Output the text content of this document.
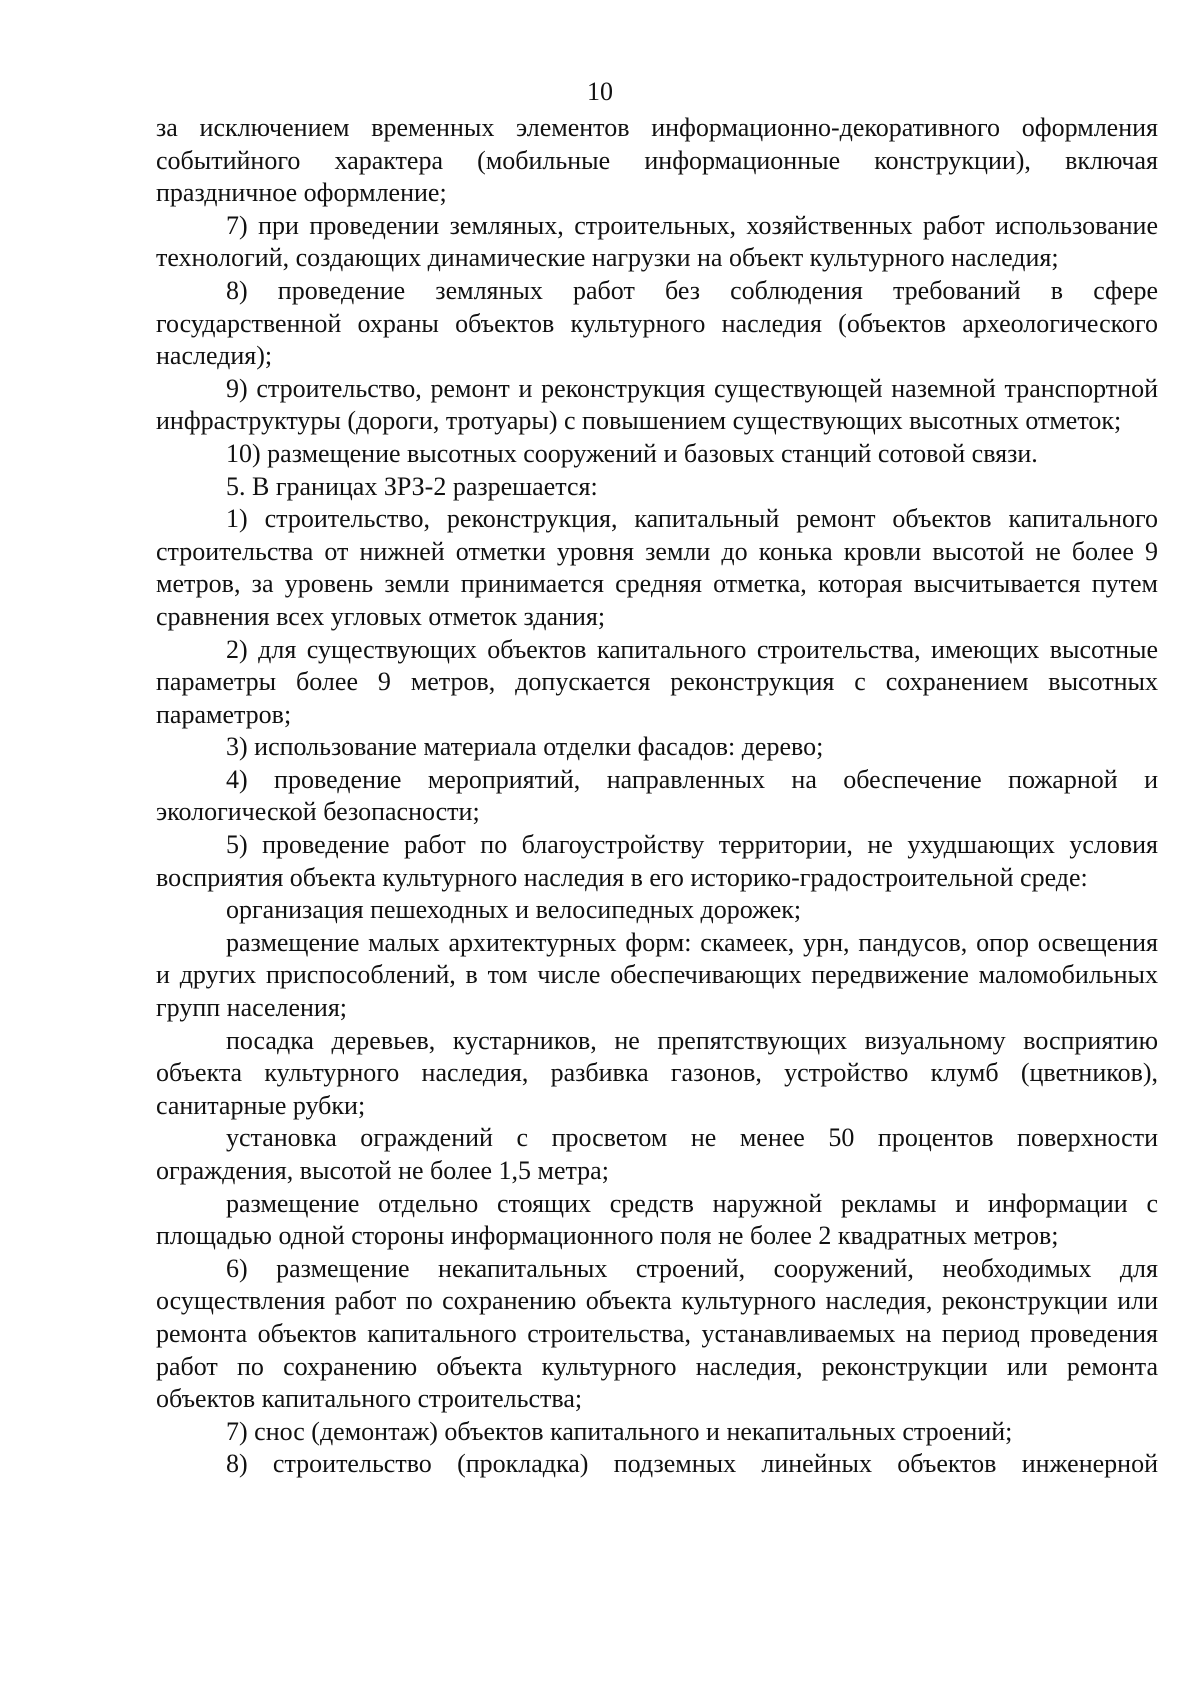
10

за исключением временных элементов информационно-декоративного оформления событийного характера (мобильные информационные конструкции), включая праздничное оформление;

7) при проведении земляных, строительных, хозяйственных работ использование технологий, создающих динамические нагрузки на объект культурного наследия;

8) проведение земляных работ без соблюдения требований в сфере государственной охраны объектов культурного наследия (объектов археологического наследия);

9) строительство, ремонт и реконструкция существующей наземной транспортной инфраструктуры (дороги, тротуары) с повышением существующих высотных отметок;

10) размещение высотных сооружений и базовых станций сотовой связи.

5. В границах ЗРЗ-2 разрешается:

1) строительство, реконструкция, капитальный ремонт объектов капитального строительства от нижней отметки уровня земли до конька кровли высотой не более 9 метров, за уровень земли принимается средняя отметка, которая высчитывается путем сравнения всех угловых отметок здания;

2) для существующих объектов капитального строительства, имеющих высотные параметры более 9 метров, допускается реконструкция с сохранением высотных параметров;

3) использование материала отделки фасадов: дерево;

4) проведение мероприятий, направленных на обеспечение пожарной и экологической безопасности;

5) проведение работ по благоустройству территории, не ухудшающих условия восприятия объекта культурного наследия в его историко-градостроительной среде:

организация пешеходных и велосипедных дорожек;

размещение малых архитектурных форм: скамеек, урн, пандусов, опор освещения и других приспособлений, в том числе обеспечивающих передвижение маломобильных групп населения;

посадка деревьев, кустарников, не препятствующих визуальному восприятию объекта культурного наследия, разбивка газонов, устройство клумб (цветников), санитарные рубки;

установка ограждений с просветом не менее 50 процентов поверхности ограждения, высотой не более 1,5 метра;

размещение отдельно стоящих средств наружной рекламы и информации с площадью одной стороны информационного поля не более 2 квадратных метров;

6) размещение некапитальных строений, сооружений, необходимых для осуществления работ по сохранению объекта культурного наследия, реконструкции или ремонта объектов капитального строительства, устанавливаемых на период проведения работ по сохранению объекта культурного наследия, реконструкции или ремонта объектов капитального строительства;

7) снос (демонтаж) объектов капитального и некапитальных строений;

8) строительство (прокладка) подземных линейных объектов инженерной
